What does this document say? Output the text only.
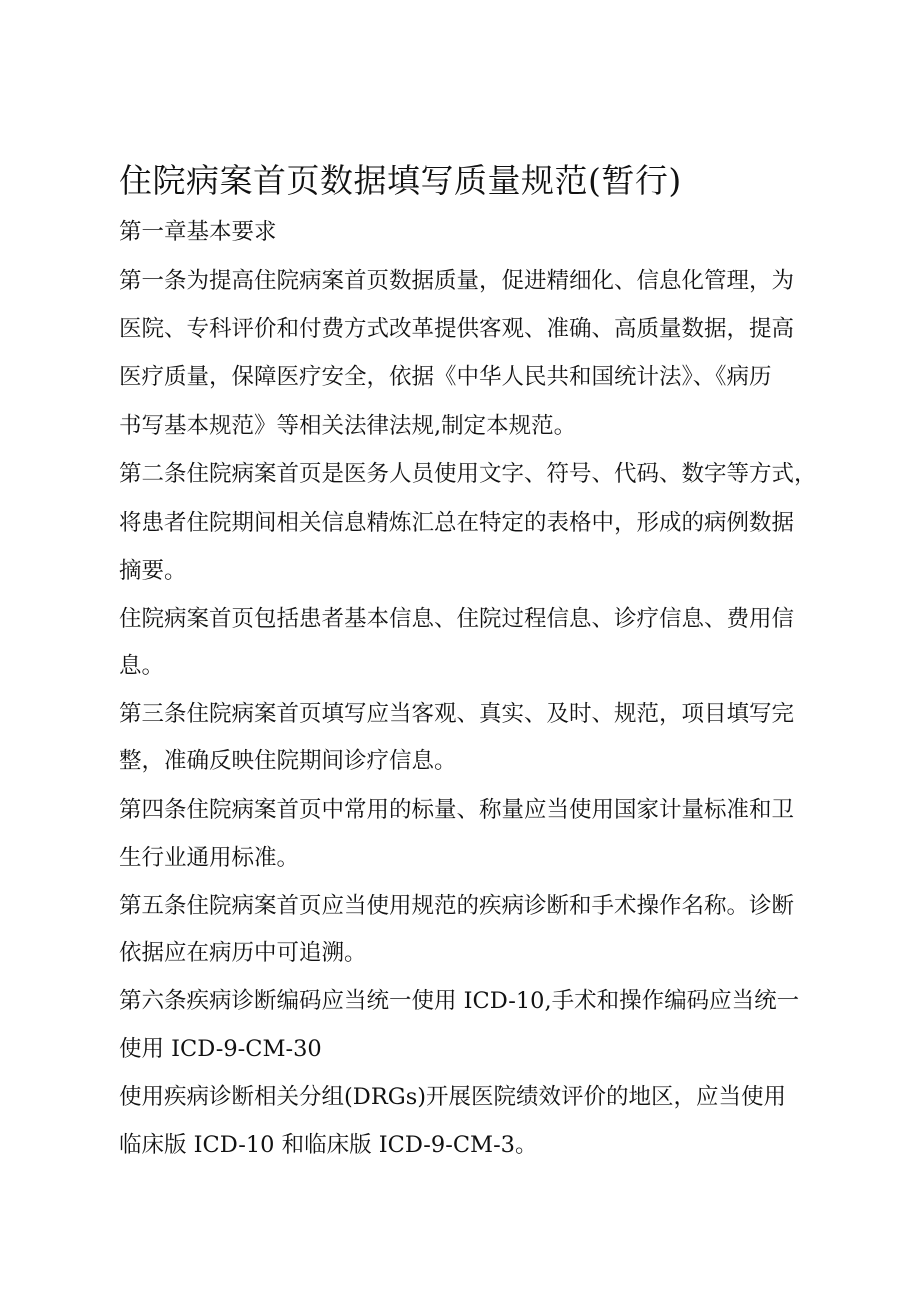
住院病案首页数据填写质量规范(暂行)

第一章基本要求

第一条为提高住院病案首页数据质量，促进精细化、信息化管理，为

医院、专科评价和付费方式改革提供客观、准确、高质量数据，提高

医疗质量，保障医疗安全，依据《中华人民共和国统计法》、《病历

书写基本规范》等相关法律法规,制定本规范。

第二条住院病案首页是医务人员使用文字、符号、代码、数字等方式，

将患者住院期间相关信息精炼汇总在特定的表格中，形成的病例数据

摘要。

住院病案首页包括患者基本信息、住院过程信息、诊疗信息、费用信

息。

第三条住院病案首页填写应当客观、真实、及时、规范，项目填写完

整，准确反映住院期间诊疗信息。

第四条住院病案首页中常用的标量、称量应当使用国家计量标准和卫

生行业通用标准。

第五条住院病案首页应当使用规范的疾病诊断和手术操作名称。诊断

依据应在病历中可追溯。

第六条疾病诊断编码应当统一使用 ICD-10,手术和操作编码应当统一

使用 ICD-9-CM-30

使用疾病诊断相关分组(DRGs)开展医院绩效评价的地区，应当使用

临床版 ICD-10 和临床版 ICD-9-CM-3。
